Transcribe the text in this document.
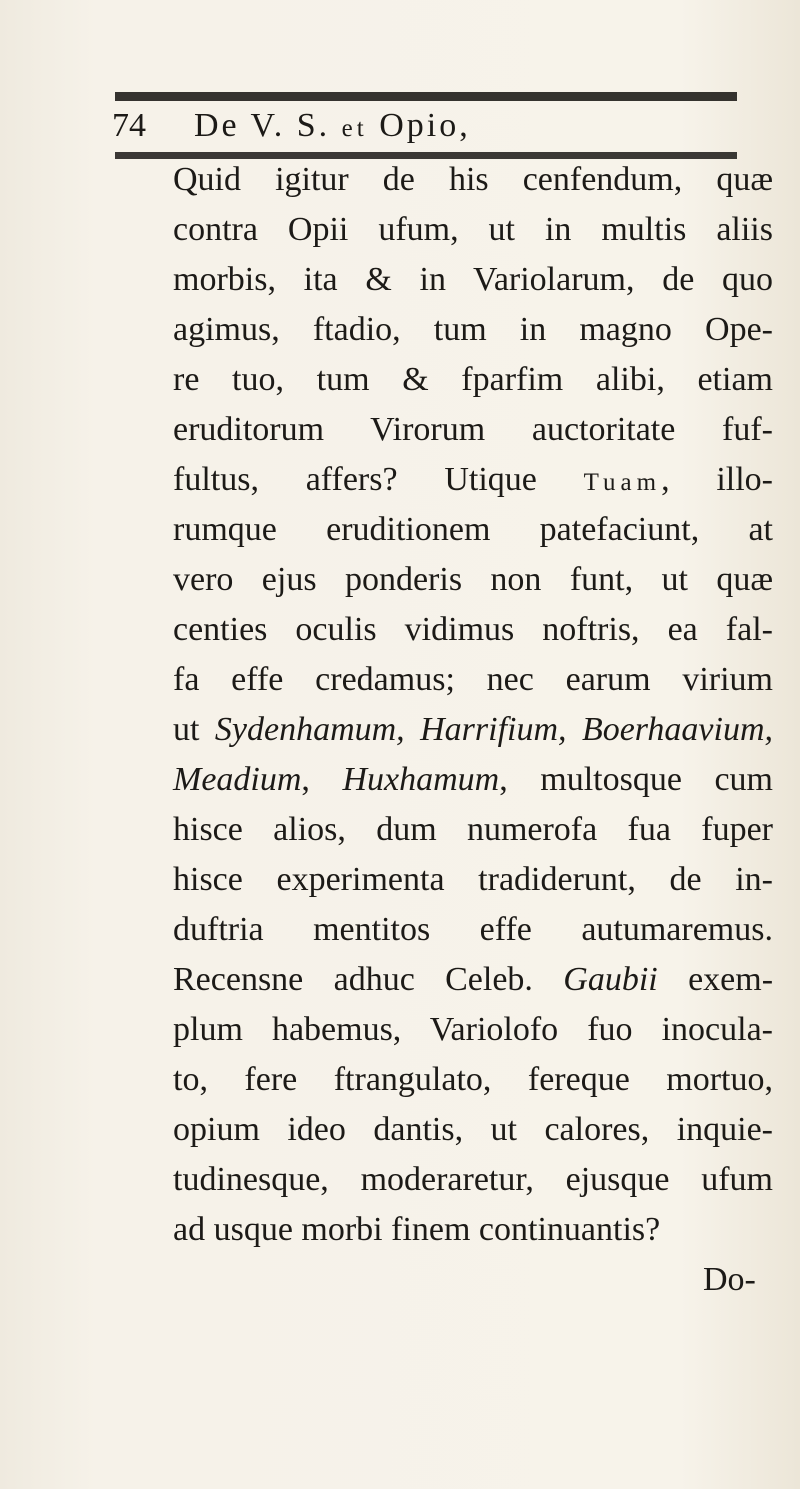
74 De V. S. et Opio,
Quid igitur de his cenfendum, quæ
contra Opii ufum, ut in multis aliis
morbis, ita & in Variolarum, de quo
agimus, ftadio, tum in magno Ope-
re tuo, tum & fparfim alibi, etiam
eruditorum Virorum auctoritate fuf-
fultus, affers? Utique Tuam, illo-
rumque eruditionem patefaciunt, at
vero ejus ponderis non funt, ut quæ
centies oculis vidimus noftris, ea fal-
fa effe credamus; nec earum virium
ut Sydenhamum, Harrifium, Boerhaavium,
Meadium, Huxhamum, multosque cum
hisce alios, dum numerofa fua fuper
hisce experimenta tradiderunt, de in-
duftria mentitos effe autumaremus.
Recensne adhuc Celeb. Gaubii exem-
plum habemus, Variolofo fuo inocula-
to, fere ftrangulato, fereque mortuo,
opium ideo dantis, ut calores, inquie-
tudinesque, moderaretur, ejusque ufum
ad usque morbi finem continuantis?
Do-
